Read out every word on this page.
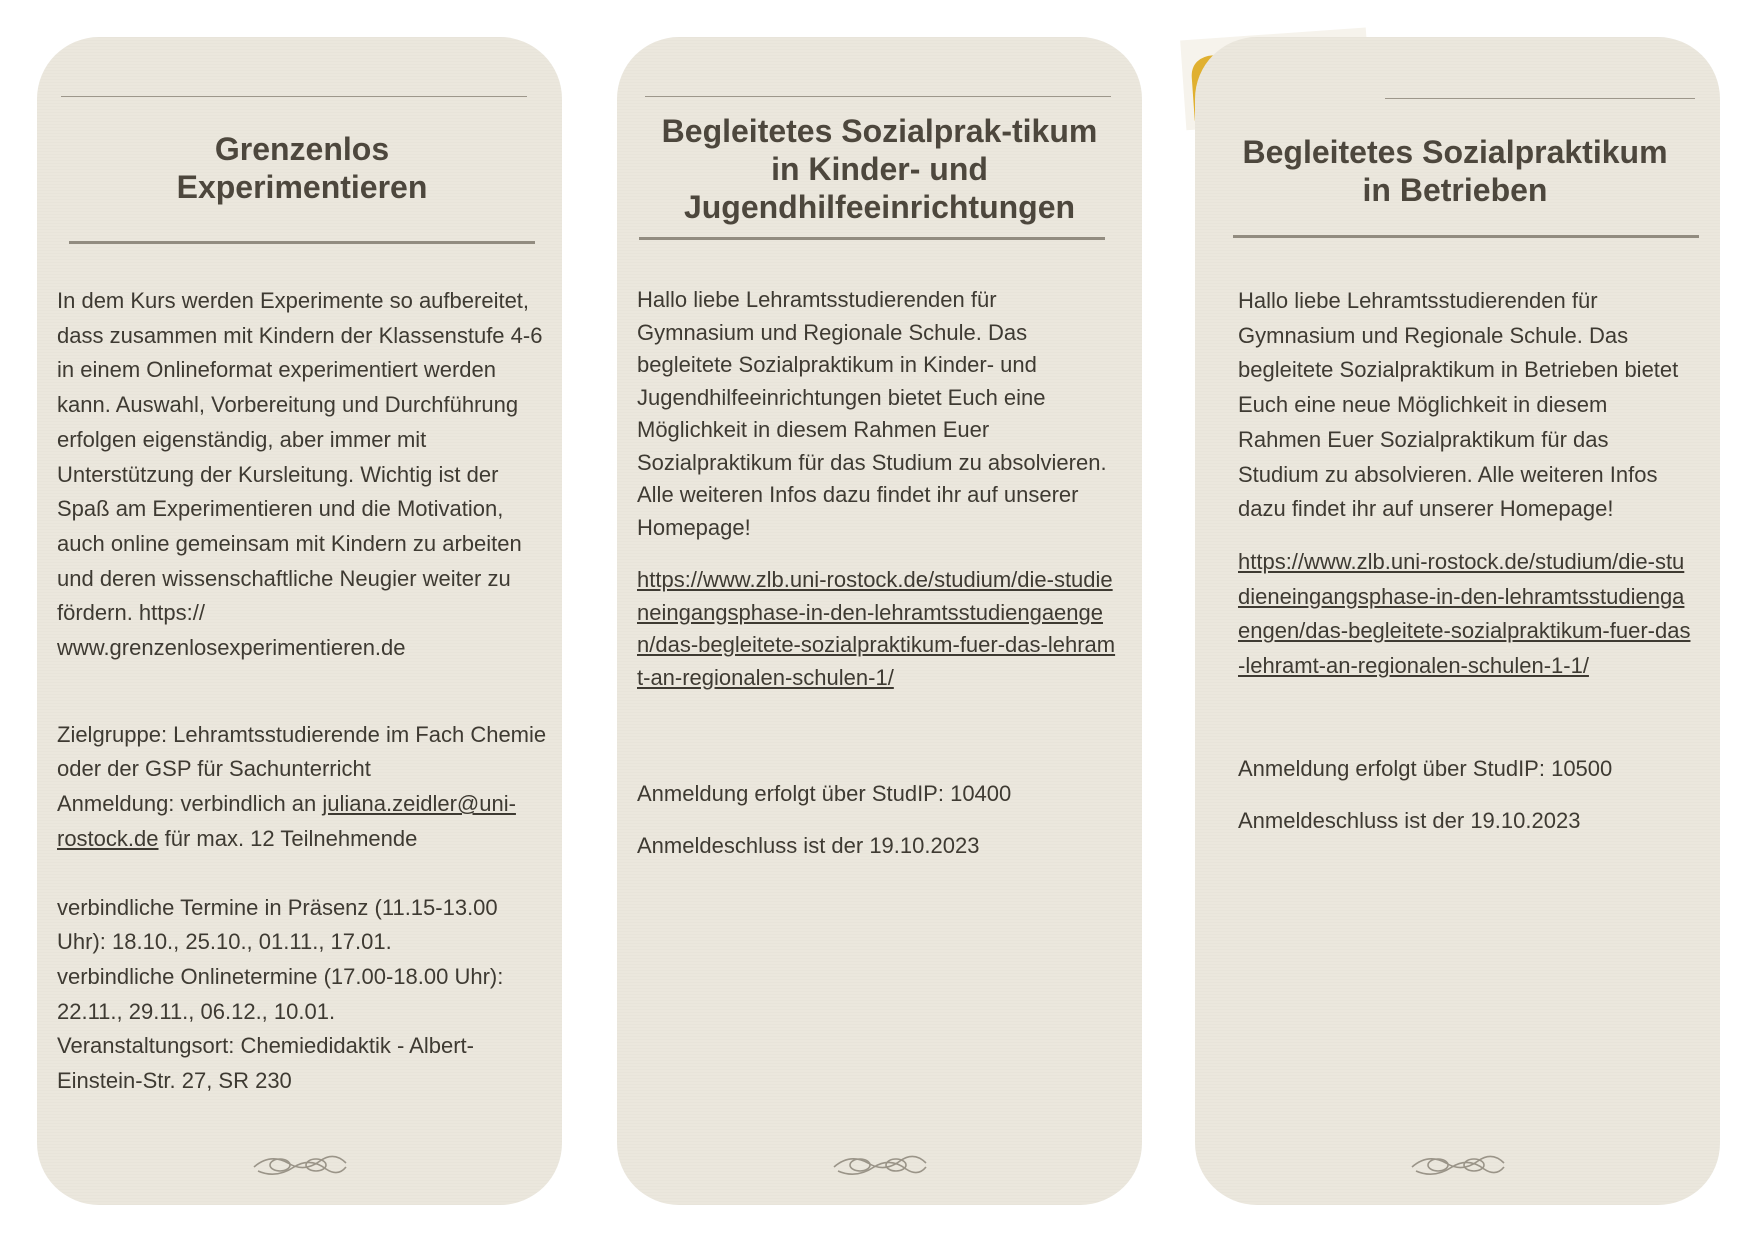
Grenzenlos Experimentieren

In dem Kurs werden Experimente so aufbereitet, dass zusammen mit Kindern der Klassenstufe 4-6 in einem Onlineformat experimentiert werden kann. Auswahl, Vorbereitung und Durchführung erfolgen eigenständig, aber immer mit Unterstützung der Kursleitung. Wichtig ist der Spaß am Experimentieren und die Motivation, auch online gemeinsam mit Kindern zu arbeiten und deren wissenschaftliche Neugier weiter zu fördern. https:// www.grenzenlosexperimentieren.de

Zielgruppe: Lehramtsstudierende im Fach Chemie oder der GSP für Sachunterricht

Anmeldung: verbindlich an juliana.zeidler@uni-rostock.de für max. 12 Teilnehmende

verbindliche Termine in Präsenz (11.15-13.00 Uhr): 18.10., 25.10., 01.11., 17.01.

verbindliche Onlinetermine (17.00-18.00 Uhr): 22.11., 29.11., 06.12., 10.01.

Veranstaltungsort: Chemiedidaktik - Albert-Einstein-Str. 27, SR 230

Begleitetes Sozialprak-tikum in Kinder- und Jugendhilfeeinrichtungen

Hallo liebe Lehramtsstudierenden für Gymnasium und Regionale Schule. Das begleitete Sozialpraktikum in Kinder- und Jugendhilfeeinrichtungen bietet Euch eine Möglichkeit in diesem Rahmen Euer Sozialpraktikum für das Studium zu absolvieren. Alle weiteren Infos dazu findet ihr auf unserer Homepage!

https://www.zlb.uni-rostock.de/studium/die-studieneingangsphase-in-den-lehramtsstudiengaengen/das-begleitete-sozialpraktikum-fuer-das-lehramt-an-regionalen-schulen-1/

Anmeldung erfolgt über StudIP: 10400

Anmeldeschluss ist der 19.10.2023

Begleitetes Sozialpraktikum in Betrieben

Hallo liebe Lehramtsstudierenden für Gymnasium und Regionale Schule. Das begleitete Sozialpraktikum in Betrieben bietet Euch eine neue Möglichkeit in diesem Rahmen Euer Sozialpraktikum für das Studium zu absolvieren. Alle weiteren Infos dazu findet ihr auf unserer Homepage!

https://www.zlb.uni-rostock.de/studium/die-studieneingangsphase-in-den-lehramtsstudiengaengen/das-begleitete-sozialpraktikum-fuer-das-lehramt-an-regionalen-schulen-1-1/

Anmeldung erfolgt über StudIP: 10500

Anmeldeschluss ist der 19.10.2023
